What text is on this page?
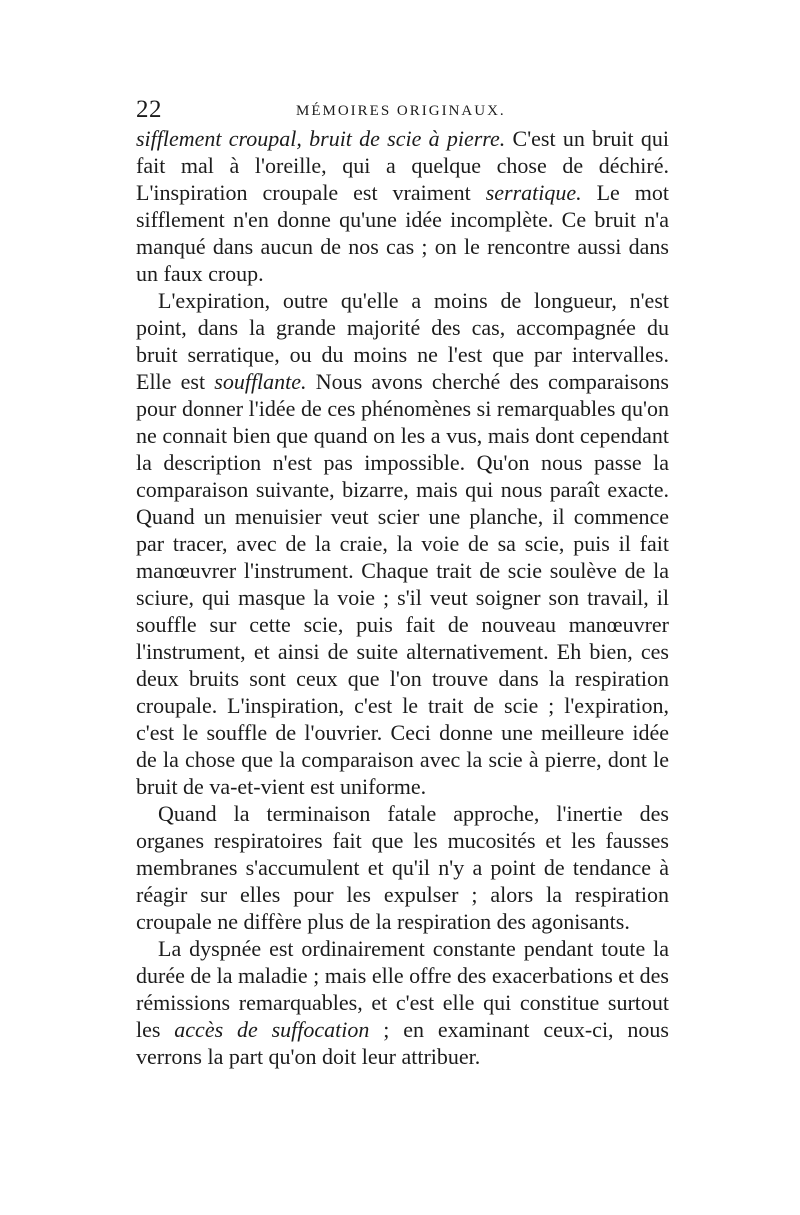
22	MÉMOIRES ORIGINAUX.

sifflement croupal, bruit de scie à pierre. C'est un bruit qui fait mal à l'oreille, qui a quelque chose de déchiré. L'inspiration croupale est vraiment serratique. Le mot sifflement n'en donne qu'une idée incomplète. Ce bruit n'a manqué dans aucun de nos cas ; on le rencontre aussi dans un faux croup.

L'expiration, outre qu'elle a moins de longueur, n'est point, dans la grande majorité des cas, accompagnée du bruit serratique, ou du moins ne l'est que par intervalles. Elle est soufflante. Nous avons cherché des comparaisons pour donner l'idée de ces phénomènes si remarquables qu'on ne connait bien que quand on les a vus, mais dont cependant la description n'est pas impossible. Qu'on nous passe la comparaison suivante, bizarre, mais qui nous paraît exacte. Quand un menuisier veut scier une planche, il commence par tracer, avec de la craie, la voie de sa scie, puis il fait manœuvrer l'instrument. Chaque trait de scie soulève de la sciure, qui masque la voie ; s'il veut soigner son travail, il souffle sur cette scie, puis fait de nouveau manœuvrer l'instrument, et ainsi de suite alternativement. Eh bien, ces deux bruits sont ceux que l'on trouve dans la respiration croupale. L'inspiration, c'est le trait de scie ; l'expiration, c'est le souffle de l'ouvrier. Ceci donne une meilleure idée de la chose que la comparaison avec la scie à pierre, dont le bruit de va-et-vient est uniforme.

Quand la terminaison fatale approche, l'inertie des organes respiratoires fait que les mucosités et les fausses membranes s'accumulent et qu'il n'y a point de tendance à réagir sur elles pour les expulser ; alors la respiration croupale ne diffère plus de la respiration des agonisants.

La dyspnée est ordinairement constante pendant toute la durée de la maladie ; mais elle offre des exacerbations et des rémissions remarquables, et c'est elle qui constitue surtout les accès de suffocation ; en examinant ceux-ci, nous verrons la part qu'on doit leur attribuer.
